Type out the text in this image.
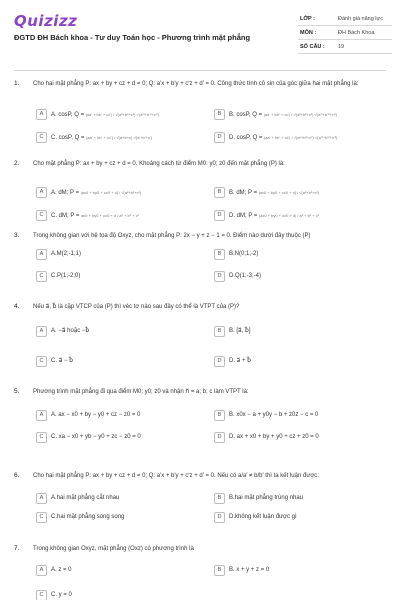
Quizizz
ĐGTD ĐH Bách khoa - Tư duy Toán học - Phương trình mặt phẳng
LỚP :	Đánh giá năng lực
MÔN :	ĐH Bách Khoa
SỐ CÂU : 19
1. Cho hai mặt phẳng P: ax + by + cz + d = 0; Q: a'x + b'y + c'z + d' = 0. Công thức tính cô sin của góc giữa hai mặt phẳng là:
A	A. cosP, Q = |aa' + bb' + cc'| / √(a²+b²+c²)·√(a'²+b'²+c'²)	B	B. cosP, Q = |aa' + bb' + cc'| / √(a²+b²+c²)·√(a'²+b'²+c'²)
C	C. cosP, Q = (aa' + bb' + cc') / √(a+b+c)·√(a'+b'+c')	D	D. cosP, Q = |aa' + bb' + cc'| / √(a²+b²+c²)·√(a'²+b'²+c'²)
2. Cho mặt phẳng P: ax + by + cz + d = 0. Khoảng cách từ điểm M0: y0; z0 đến mặt phẳng (P) là:
A	A. dM; P = |ax0 + by0 + cz0 + d| / √(a²+b²+c²)	B	B. dM; P = |ax0 + by0 + cz0 + d| / √(a²+b²+c²)
C	C. dM; P = ax0 + by0 + cz0 + d / a² + b² + c²	D	D. dM; P = |ax0 + by0 + cz0 + d| / a² + b² + c²
3. Trong không gian với hệ tọa độ Oxyz, cho mặt phẳng P: 2x − y + z − 1 = 0. Điểm nào dưới đây thuộc (P)
A	A.M(2;-1;1)	B	B.N(0;1;-2)
C	C.P(1;-2;0)	D	D.Q(1;-3;-4)
4. Nếu a⃗, b⃗ là cặp VTCP của (P) thì véc tơ nào sau đây có thể là VTPT của (P)?
A	A. −a⃗ hoặc −b⃗	B	B. [a⃗, b⃗]
C	C. a⃗ − b⃗	D	D. a⃗ + b⃗
5. Phương trình mặt phẳng đi qua điểm M0; y0; z0 và nhận n⃗ = a; b; c làm VTPT là:
A	A. ax − x0 + by − y0 + cz − z0 = 0	B	B. x0x − a + y0y − b + z0z − c = 0
C	C. xa − x0 + yb − y0 + zc − z0 = 0	D	D. ax + x0 + by + y0 + cz + z0 = 0
6. Cho hai mặt phẳng P: ax + by + cz + d = 0; Q: a'x + b'y + c'z + d' = 0. Nếu có a/a' ≠ b/b' thì ta kết luận được:
A	A.hai mặt phẳng cắt nhau	B	B.hai mặt phẳng trùng nhau
C	C.hai mặt phẳng song song	D	D.không kết luận được gì
7. Trong không gian Oxyz, mặt phẳng (Oxz) có phương trình là
A	A. z = 0	B	B. x + y + z = 0
C	C. y = 0
